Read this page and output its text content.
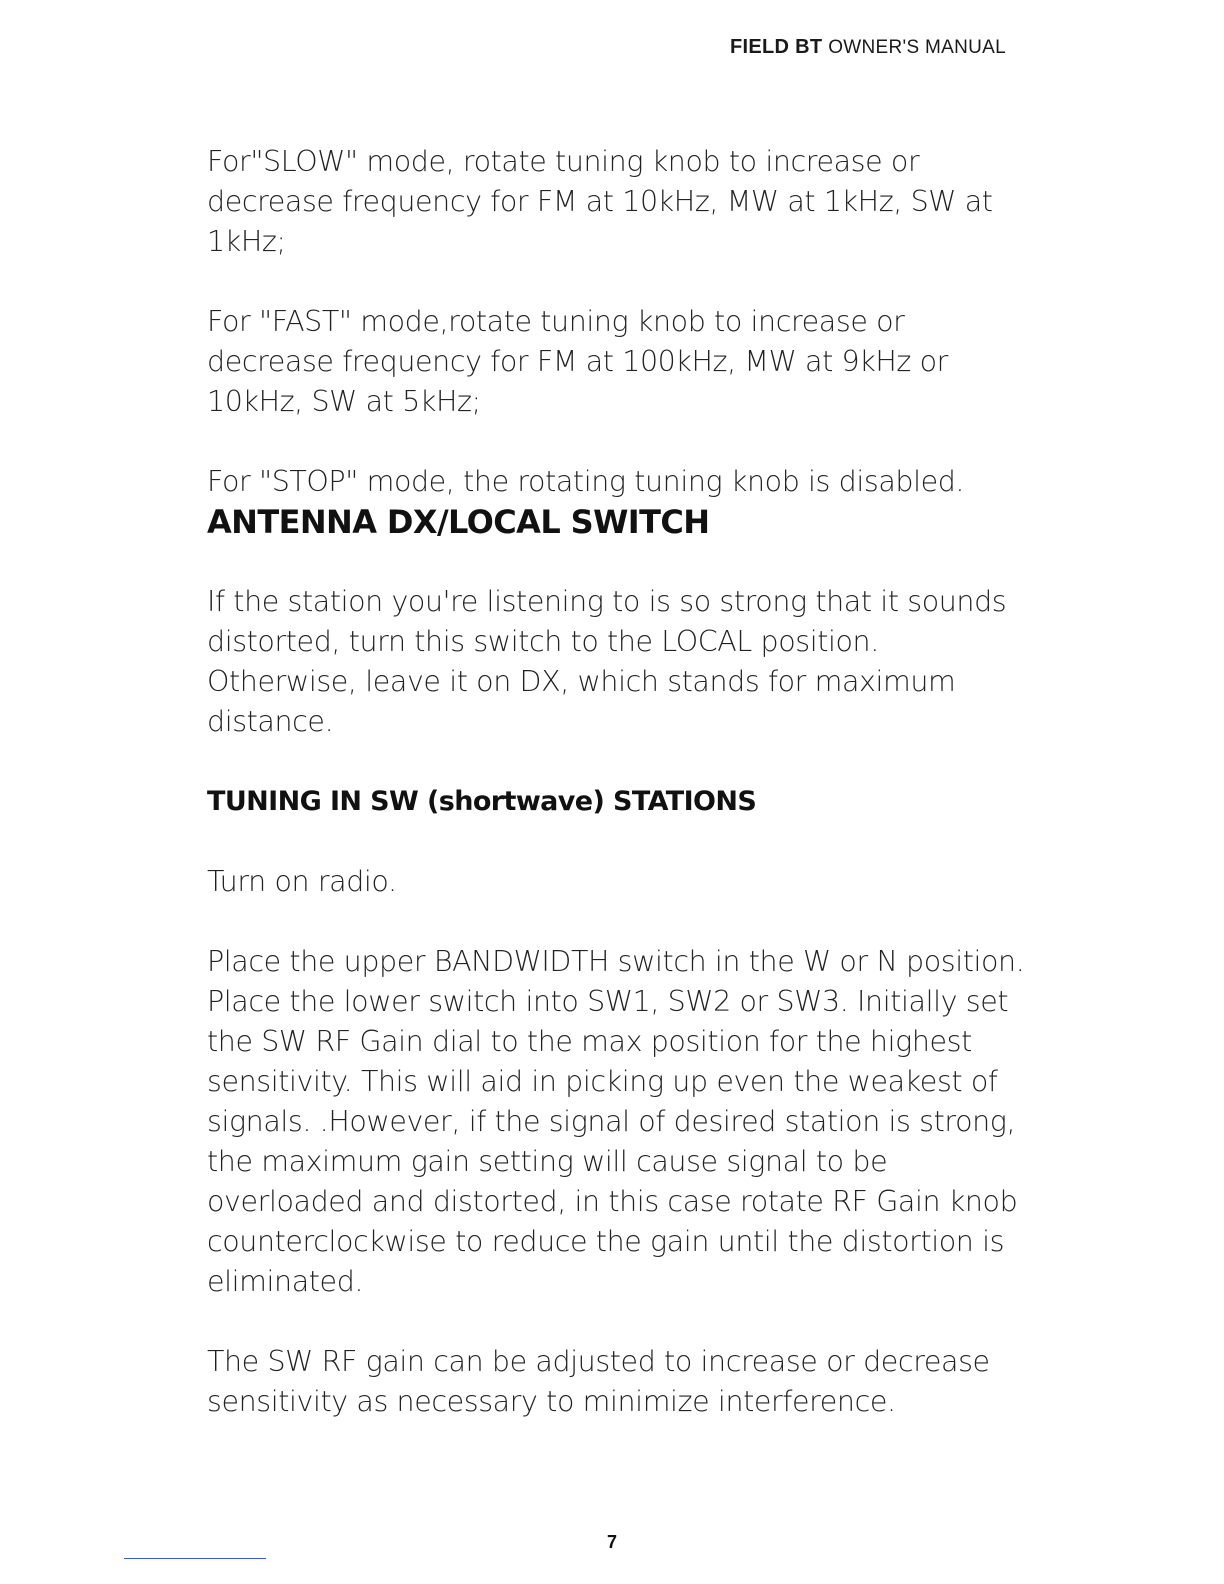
FIELD BT OWNER'S MANUAL

For"SLOW" mode, rotate tuning knob to increase or decrease frequency for FM at 10kHz, MW at 1kHz, SW at 1kHz;

For "FAST" mode,rotate tuning knob to increase or decrease frequency for FM at 100kHz, MW at 9kHz or 10kHz, SW at 5kHz;

For "STOP" mode, the rotating tuning knob is disabled.

ANTENNA DX/LOCAL SWITCH

If the station you're listening to is so strong that it sounds distorted, turn this switch to the LOCAL position. Otherwise, leave it on DX, which stands for maximum distance.

TUNING IN SW (shortwave) STATIONS

Turn on radio.

Place the upper BANDWIDTH switch in the W or N position. Place the lower switch into SW1, SW2 or SW3. Initially set the SW RF Gain dial to the max position for the highest sensitivity. This will aid in picking up even the weakest of signals. .However, if the signal of desired station is strong, the maximum gain setting will cause signal to be overloaded and distorted, in this case rotate RF Gain knob counterclockwise to reduce the gain until the distortion is eliminated.

The SW RF gain can be adjusted to increase or decrease sensitivity as necessary to minimize interference.

7
